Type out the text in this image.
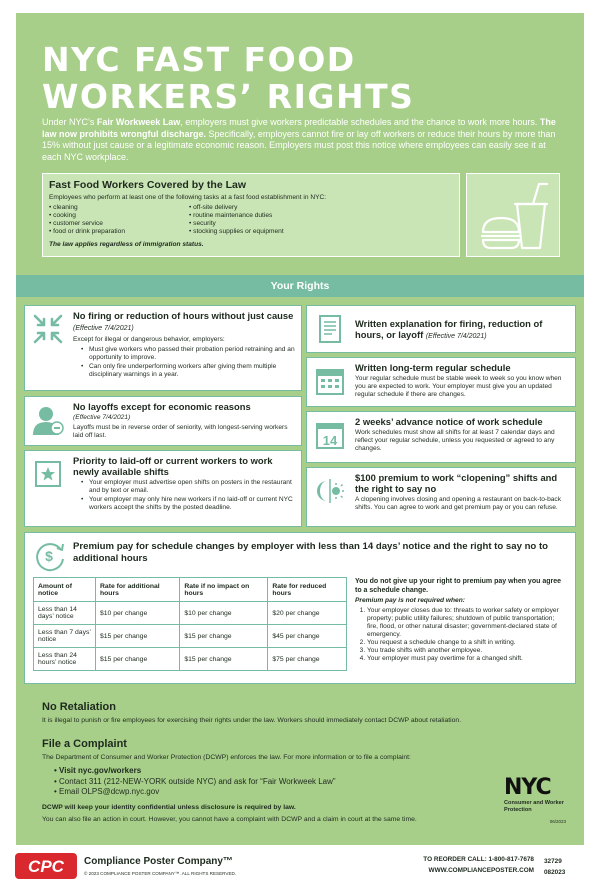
NYC FAST FOOD WORKERS’ RIGHTS
Under NYC’s Fair Workweek Law, employers must give workers predictable schedules and the chance to work more hours. The law now prohibits wrongful discharge. Specifically, employers cannot fire or lay off workers or reduce their hours by more than 15% without just cause or a legitimate economic reason. Employers must post this notice where employees can easily see it at each NYC workplace.
Fast Food Workers Covered by the Law
Employees who perform at least one of the following tasks at a fast food establishment in NYC:
• cleaning
• cooking
• customer service
• food or drink preparation
• off-site delivery
• routine maintenance duties
• security
• stocking supplies or equipment
The law applies regardless of immigration status.
Your Rights
No firing or reduction of hours without just cause (Effective 7/4/2021)

Except for illegal or dangerous behavior, employers:

• Must give workers who passed their probation period retraining and an opportunity to improve.
• Can only fire underperforming workers after giving them multiple disciplinary warnings in a year.
No layoffs except for economic reasons

(Effective 7/4/2021)

Layoffs must be in reverse order of seniority, with longest-serving workers laid off last.

Priority to laid-off or current workers to work newly available shifts
• Your employer must advertise open shifts on posters in the restaurant and by text or email.
• Your employer may only hire new workers if no laid-off or current NYC workers accept the shifts by the posted deadline.
Written explanation for firing, reduction of hours, or layoff (Effective 7/4/2021)
Written long-term regular schedule

Your regular schedule must be stable week to week so you know when you are expected to work. Your employer must give you an updated regular schedule if there are changes.

14
2 weeks’ advance notice of work schedule

Work schedules must show all shifts for at least 7 calendar days and reflect your regular schedule, unless you requested or agreed to any changes.

$100 premium to work “clopening” shifts and the right to say no

A clopening involves closing and opening a restaurant on back-to-back shifts. You can agree to work and get premium pay or you can refuse.

$
Premium pay for schedule changes by employer with less than 14 days’ notice and the right to say no to additional hours
Amount of notice	Rate for additional hours	Rate if no impact on hours	Rate for reduced hours
Less than 14 days’ notice	$10 per change	$10 per change	$20 per change
Less than 7 days’ notice	$15 per change	$15 per change	$45 per change
Less than 24 hours’ notice	$15 per change	$15 per change	$75 per change
You do not give up your right to premium pay when you agree to a schedule change.
Premium pay is not required when:
1. Your employer closes due to: threats to worker safety or employer property; public utility failures; shutdown of public transportation; fire, flood, or other natural disaster; government-declared state of emergency.
2. You request a schedule change to a shift in writing.
3. You trade shifts with another employee.
4. Your employer must pay overtime for a changed shift.
No Retaliation

It is illegal to punish or fire employees for exercising their rights under the law. Workers should immediately contact DCWP about retaliation.

File a Complaint

The Department of Consumer and Worker Protection (DCWP) enforces the law. For more information or to file a complaint:

• Visit nyc.gov/workers
• Contact 311 (212-NEW-YORK outside NYC) and ask for “Fair Workweek Law”
• Email OLPS@dcwp.nyc.gov

DCWP will keep your identity confidential unless disclosure is required by law.

You can also file an action in court. However, you cannot have a complaint with DCWP and a claim in court at the same time.

NYC
Consumer and Worker Protection
06/2023
CPC Compliance Poster Company™
© 2023 COMPLIANCE POSTER COMPANY™. ALL RIGHTS RESERVED.
TO REORDER CALL: 1-800-817-7678
WWW.COMPLIANCEPOSTER.COM
32729
082023
